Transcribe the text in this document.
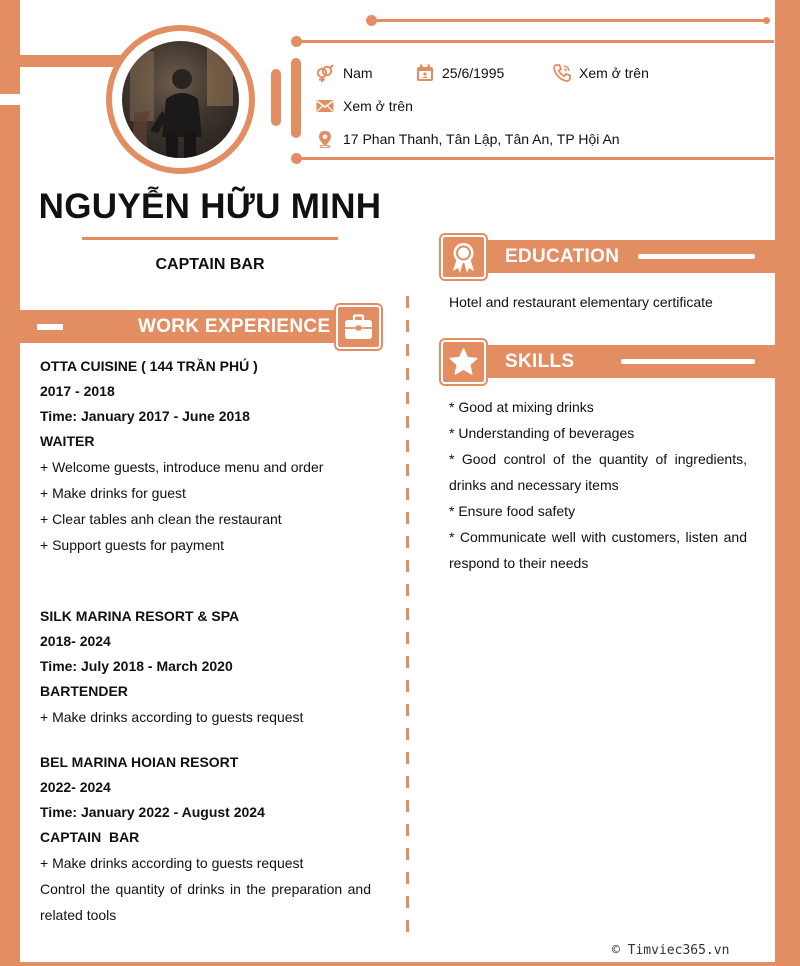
Nam	25/6/1995	Xem ở trên
Xem ở trên
17 Phan Thanh, Tân Lập, Tân An, TP Hội An
NGUYỄN HỮU MINH
CAPTAIN BAR
WORK EXPERIENCE
OTTA CUISINE ( 144 TRẦN PHÚ )
2017 - 2018
Time: January 2017 - June 2018
WAITER
+ Welcome guests, introduce menu and order
+ Make drinks for guest
+ Clear tables anh clean the restaurant
+ Support guests for payment
SILK MARINA RESORT & SPA
2018- 2024
Time: July 2018 - March 2020
BARTENDER
+ Make drinks according to guests request
BEL MARINA HOIAN RESORT
2022- 2024
Time: January 2022 - August 2024
CAPTAIN  BAR
+ Make drinks according to guests request
Control the quantity of drinks in the preparation and related tools
EDUCATION
Hotel and restaurant elementary certificate
SKILLS
* Good at mixing drinks
* Understanding of beverages
* Good control of the quantity of ingredients, drinks and necessary items
* Ensure food safety
* Communicate well with customers, listen and respond to their needs
© Timviec365.vn
